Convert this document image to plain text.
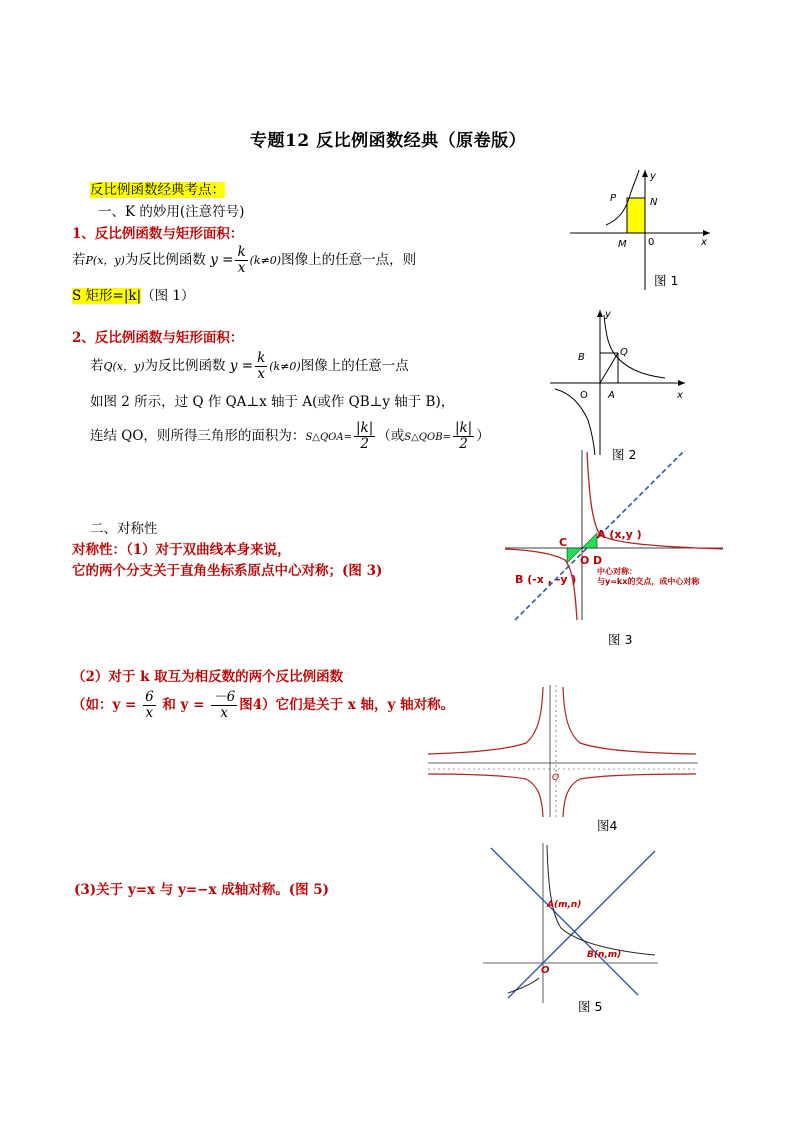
专题12 反比例函数经典（原卷版）
反比例函数经典考点：
一、K 的妙用(注意符号)
1、反比例函数与矩形面积：
若P(x，y)为反比例函数 $y = \frac{k}{x} (k\ne 0)$图像上的任意一点，则
S 矩形=|k|（图 1）
2、反比例函数与矩形面积：
若Q(x，y)为反比例函数 $y = \frac{k}{x} (k\ne 0)$图像上的任意一点
如图 2 所示，过 Q 作 QA⊥x 轴于 A(或作 QB⊥y 轴于 B)，
连结 QO，则所得三角形的面积为：S△QOA= $\frac{|k|}{2}$ （或S△QOB= $\frac{|k|}{2}$ ）
二、对称性
对称性：（1）对于双曲线本身来说，
它的两个分支关于直角坐标系原点中心对称；(图 3)
（2）对于 k 取互为相反数的两个反比例函数
（如：$y = \frac{6}{x}$ 和 $y = \frac{-6}{x}$ 图4）它们是关于 x 轴，y 轴对称。
(3)关于 y=x 与 y=−x 成轴对称。(图 5)
P	N
M 0	x
y
图 1
B	Q
O A	x
y
图 2
A (x,y )
B (-x , -y )
C
O D
中心对称：
与y=kx的交点，成中心对称
图 3
O
图4
A(m,n)
B(n,m)
O
图 5
